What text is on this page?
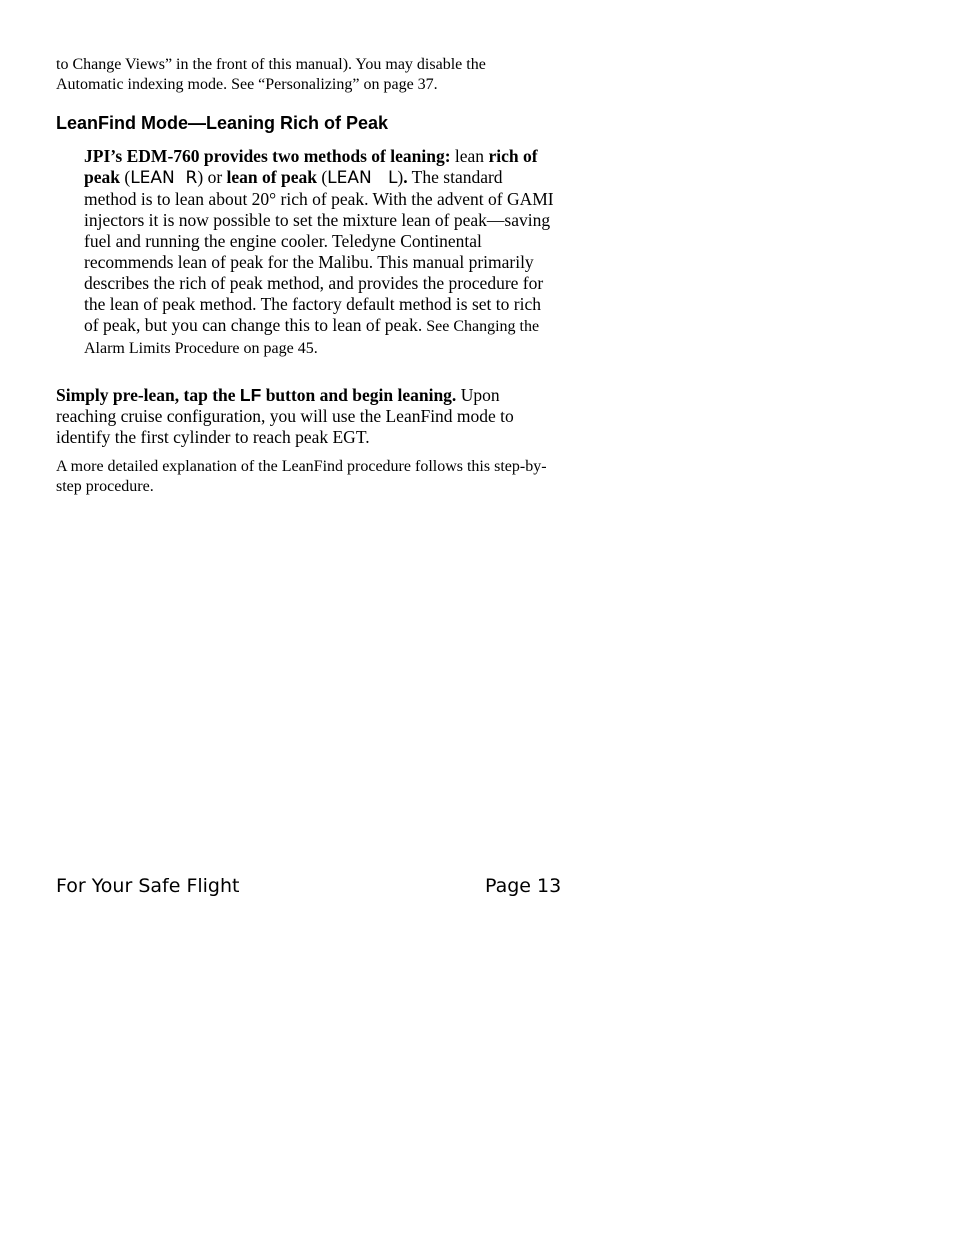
to Change Views” in the front of this manual). You may disable the
Automatic indexing mode. See “Personalizing” on page 37.

LeanFind Mode—Leaning Rich of Peak

JPI’s EDM-760 provides two methods of leaning: lean rich of peak (LEAN  R) or lean of peak (LEAN   L). The standard method is to lean about 20° rich of peak. With the advent of GAMI injectors it is now possible to set the mixture lean of peak—saving fuel and running the engine cooler. Teledyne Continental recommends lean of peak for the Malibu. This manual primarily describes the rich of peak method, and provides the procedure for the lean of peak method. The factory default method is set to rich of peak, but you can change this to lean of peak. See Changing the Alarm Limits Procedure on page 45.

Simply pre-lean, tap the LF button and begin leaning. Upon reaching cruise configuration, you will use the LeanFind mode to identify the first cylinder to reach peak EGT.

A more detailed explanation of the LeanFind procedure follows this step-by-step procedure.

For Your Safe Flight	Page 13
